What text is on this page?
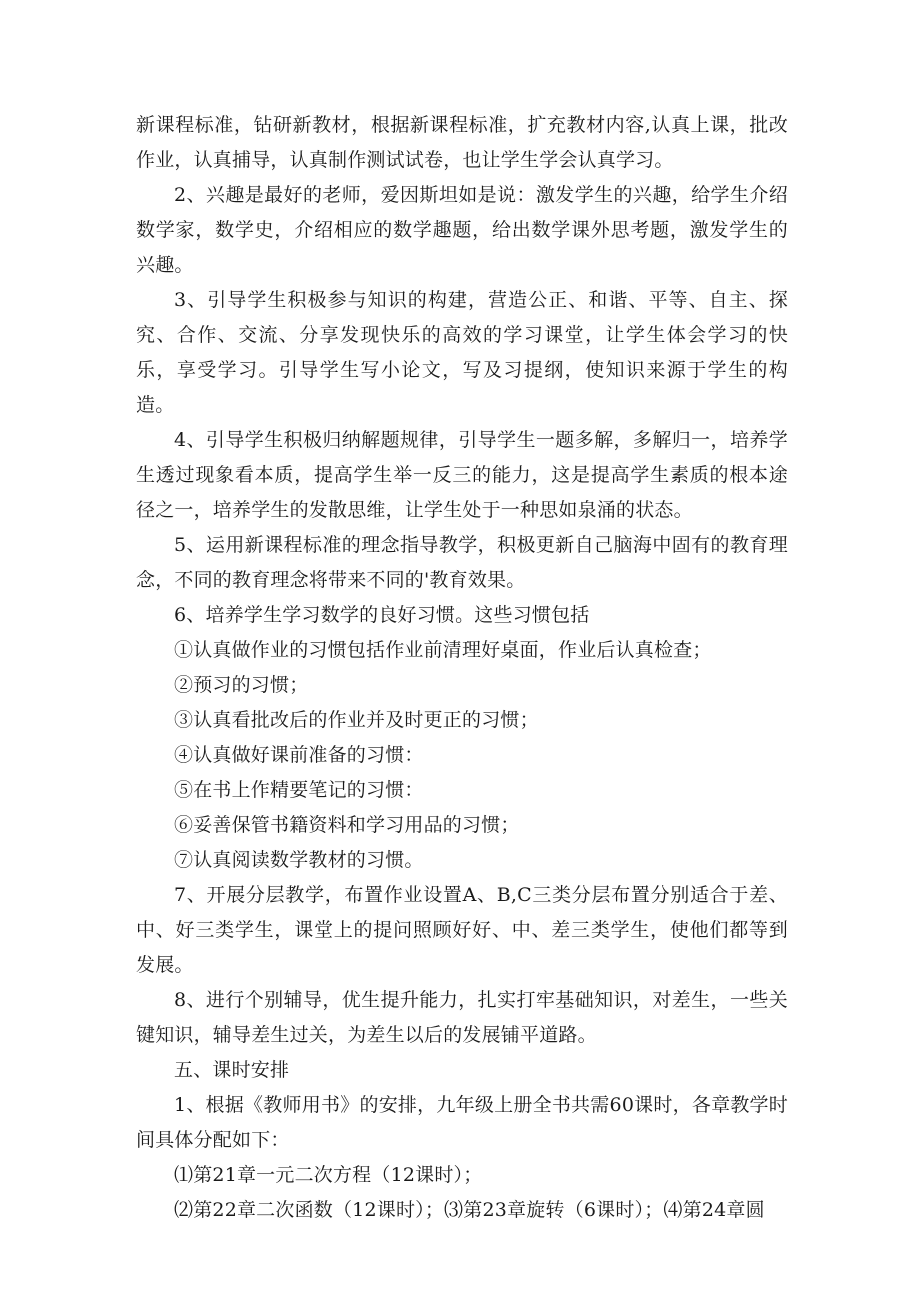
新课程标准，钻研新教材，根据新课程标准，扩充教材内容,认真上课，批改作业，认真捕导，认真制作测试试卷，也让学生学会认真学习。

2、兴趣是最好的老师，爱因斯坦如是说：激发学生的兴趣，给学生介绍数学家，数学史，介绍相应的数学趣题，给出数学课外思考题，激发学生的兴趣。

3、引导学生积极参与知识的构建，营造公正、和谐、平等、自主、探究、合作、交流、分享发现快乐的高效的学习课堂，让学生体会学习的快乐，享受学习。引导学生写小论文，写及习提纲，使知识来源于学生的构造。

4、引导学生积极归纳解题规律，引导学生一题多解，多解归一，培养学生透过现象看本质，提高学生举一反三的能力，这是提高学生素质的根本途径之一，培养学生的发散思维，让学生处于一种思如泉涌的状态。

5、运用新课程标准的理念指导教学，积极更新自己脑海中固有的教育理念，不同的教育理念将带来不同的'教育效果。

6、培养学生学习数学的良好习惯。这些习惯包括

①认真做作业的习惯包括作业前清理好桌面，作业后认真检查；

②预习的习惯；

③认真看批改后的作业并及时更正的习惯；

④认真做好课前准备的习惯：

⑤在书上作精要笔记的习惯：

⑥妥善保管书籍资料和学习用品的习惯；

⑦认真阅读数学教材的习惯。

7、开展分层教学，布置作业设置A、B,C三类分层布置分别适合于差、中、好三类学生，课堂上的提问照顾好好、中、差三类学生，使他们都等到发展。

8、进行个别辅导，优生提升能力，扎实打牢基础知识，对差生，一些关键知识，辅导差生过关，为差生以后的发展铺平道路。

五、课时安排

1、根据《教师用书》的安排，九年级上册全书共需60课时，各章教学时间具体分配如下：

⑴第21章一元二次方程（12课时）；

⑵第22章二次函数（12课时）；⑶第23章旋转（6课时）；⑷第24章圆
